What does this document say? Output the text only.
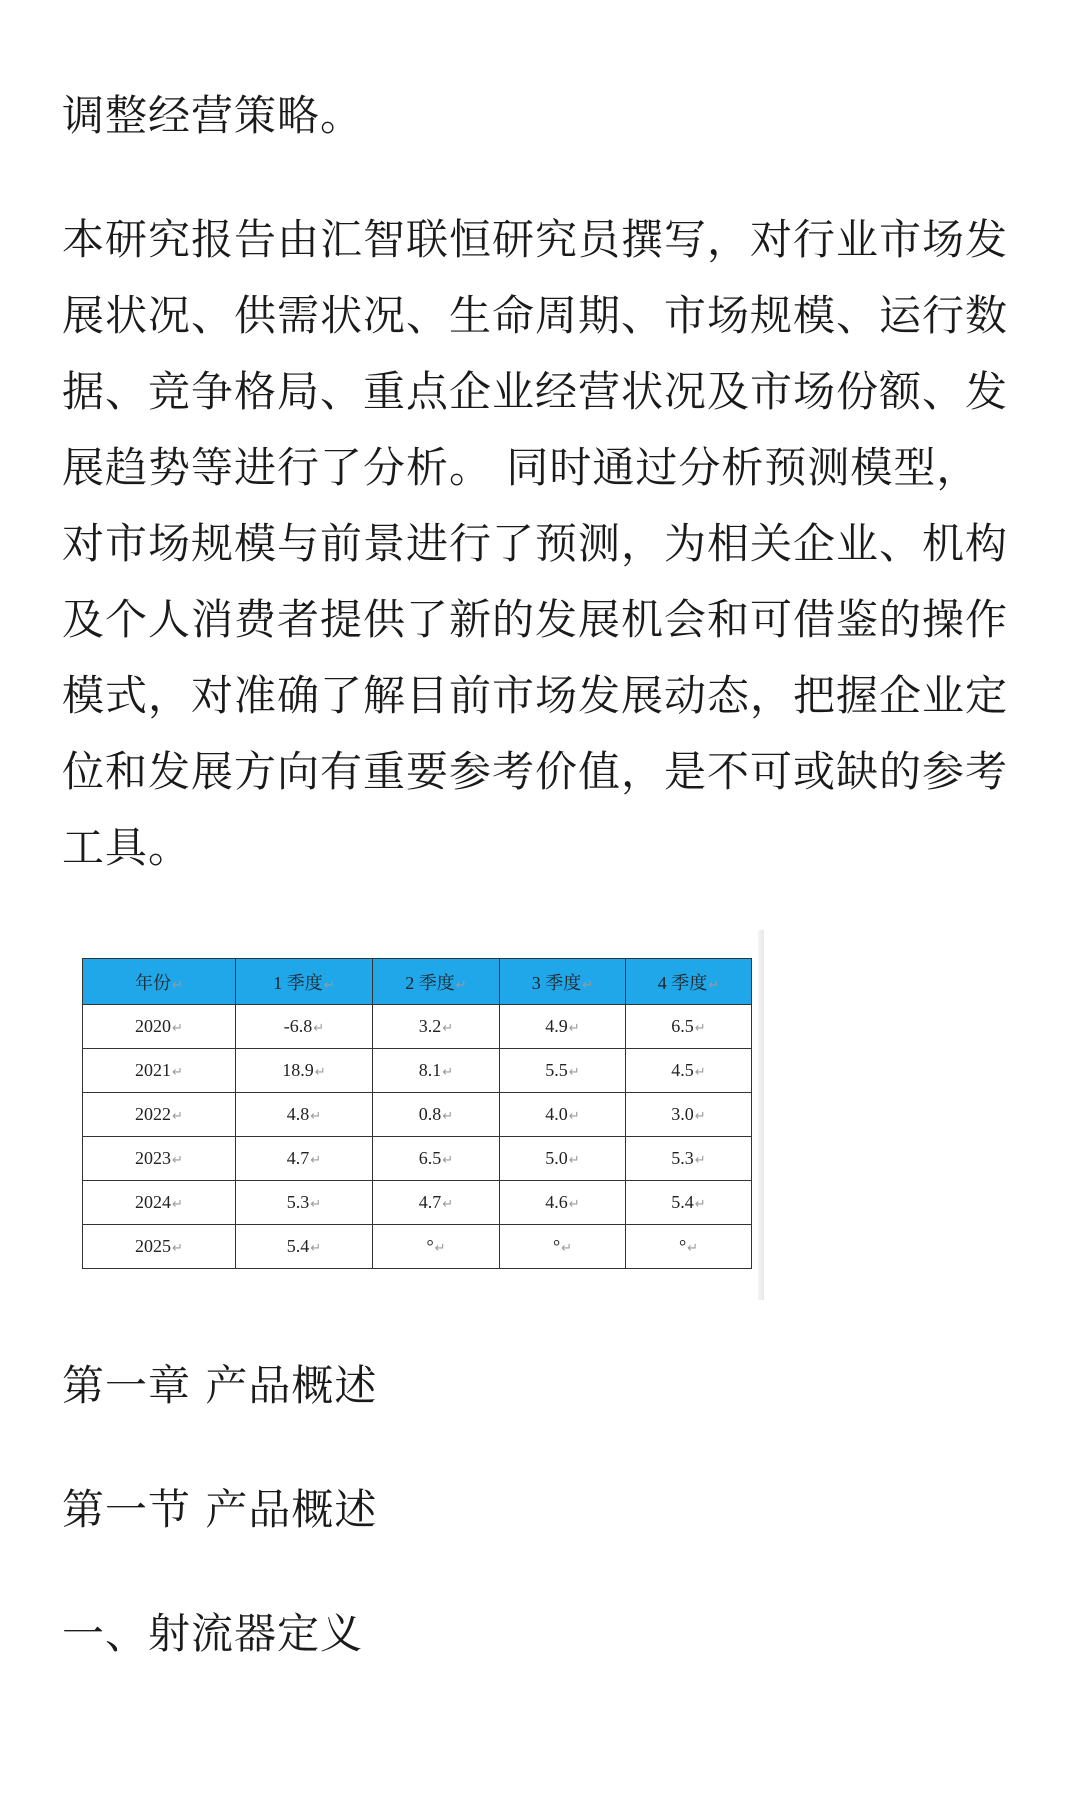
调整经营策略。

本研究报告由汇智联恒研究员撰写，对行业市场发展状况、供需状况、生命周期、市场规模、运行数据、竞争格局、重点企业经营状况及市场份额、发展趋势等进行了分析。 同时通过分析预测模型，对市场规模与前景进行了预测，为相关企业、机构及个人消费者提供了新的发展机会和可借鉴的操作模式，对准确了解目前市场发展动态，把握企业定位和发展方向有重要参考价值，是不可或缺的参考工具。

年份↵	1 季度↵	2 季度↵	3 季度↵	4 季度↵
2020↵	-6.8↵	3.2↵	4.9↵	6.5↵
2021↵	18.9↵	8.1↵	5.5↵	4.5↵
2022↵	4.8↵	0.8↵	4.0↵	3.0↵
2023↵	4.7↵	6.5↵	5.0↵	5.3↵
2024↵	5.3↵	4.7↵	4.6↵	5.4↵
2025↵	5.4↵	°↵	°↵	°↵
第一章 产品概述
第一节 产品概述
一、射流器定义
